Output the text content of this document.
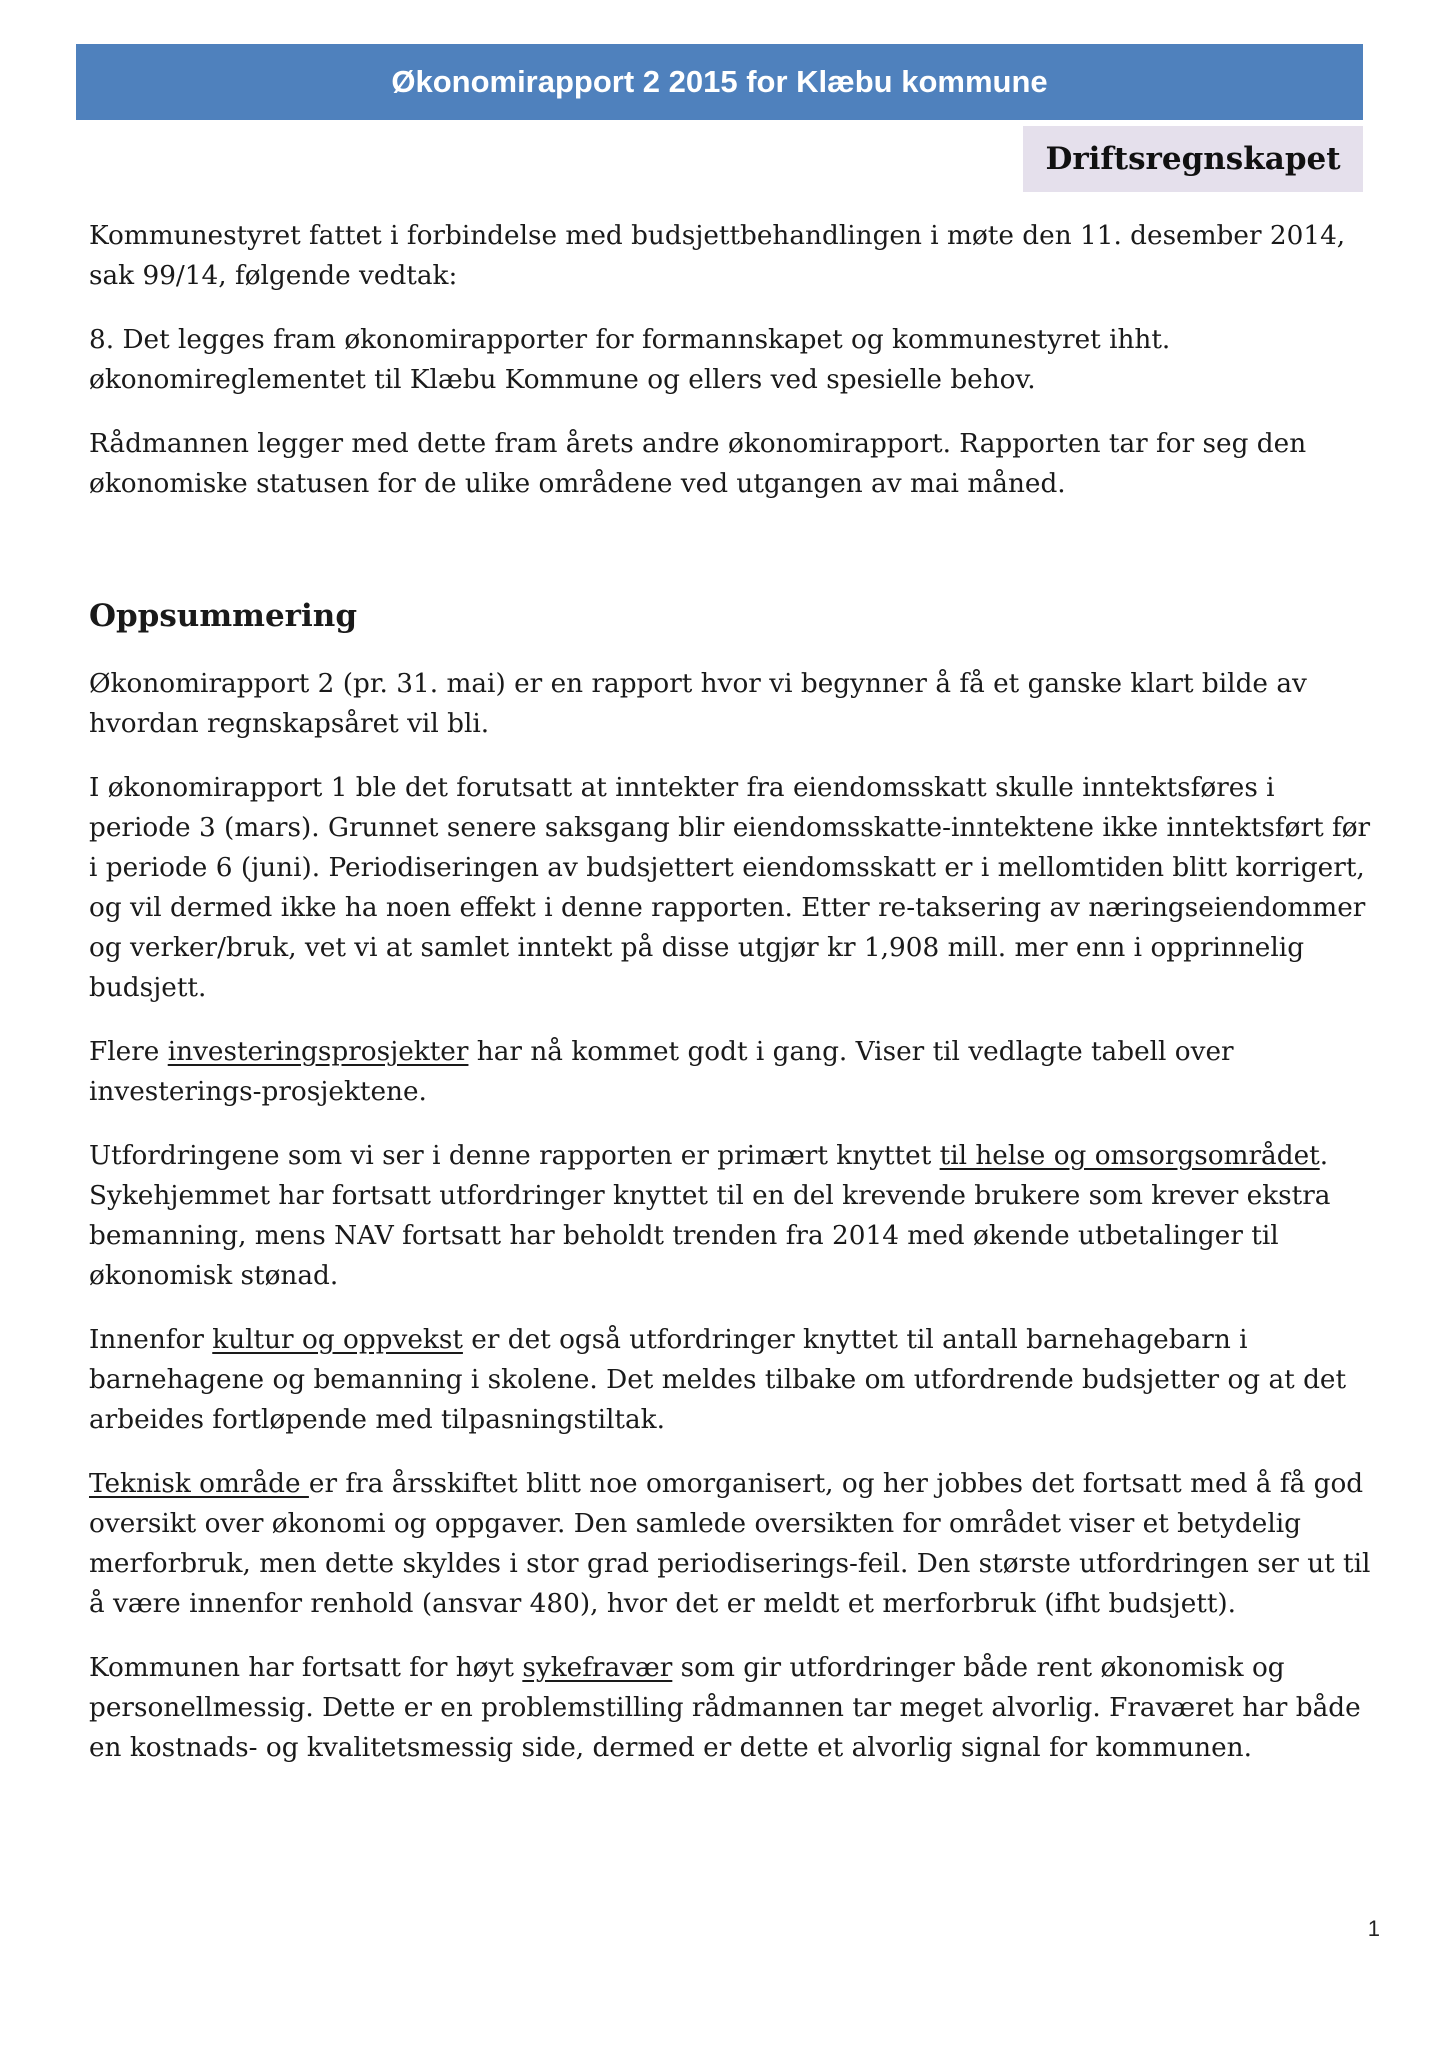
Økonomirapport 2 2015 for Klæbu kommune
Driftsregnskapet

Kommunestyret fattet i forbindelse med budsjettbehandlingen i møte den 11. desember 2014, sak 99/14, følgende vedtak:

8. Det legges fram økonomirapporter for formannskapet og kommunestyret ihht. økonomireglementet til Klæbu Kommune og ellers ved spesielle behov.

Rådmannen legger med dette fram årets andre økonomirapport. Rapporten tar for seg den økonomiske statusen for de ulike områdene ved utgangen av mai måned.

Oppsummering

Økonomirapport 2 (pr. 31. mai) er en rapport hvor vi begynner å få et ganske klart bilde av hvordan regnskapsåret vil bli.

I økonomirapport 1 ble det forutsatt at inntekter fra eiendomsskatt skulle inntektsføres i periode 3 (mars). Grunnet senere saksgang blir eiendomsskatte-inntektene ikke inntektsført før i periode 6 (juni). Periodiseringen av budsjettert eiendomsskatt er i mellomtiden blitt korrigert, og vil dermed ikke ha noen effekt i denne rapporten. Etter re-taksering av næringseiendommer og verker/bruk, vet vi at samlet inntekt på disse utgjør kr 1,908 mill. mer enn i opprinnelig budsjett.

Flere investeringsprosjekter har nå kommet godt i gang. Viser til vedlagte tabell over investerings-prosjektene.

Utfordringene som vi ser i denne rapporten er primært knyttet til helse og omsorgsområdet. Sykehjemmet har fortsatt utfordringer knyttet til en del krevende brukere som krever ekstra bemanning, mens NAV fortsatt har beholdt trenden fra 2014 med økende utbetalinger til økonomisk stønad.

Innenfor kultur og oppvekst er det også utfordringer knyttet til antall barnehagebarn i barnehagene og bemanning i skolene. Det meldes tilbake om utfordrende budsjetter og at det arbeides fortløpende med tilpasningstiltak.

Teknisk område er fra årsskiftet blitt noe omorganisert, og her jobbes det fortsatt med å få god oversikt over økonomi og oppgaver. Den samlede oversikten for området viser et betydelig merforbruk, men dette skyldes i stor grad periodiserings-feil. Den største utfordringen ser ut til å være innenfor renhold (ansvar 480), hvor det er meldt et merforbruk (ifht budsjett).

Kommunen har fortsatt for høyt sykefravær som gir utfordringer både rent økonomisk og personellmessig. Dette er en problemstilling rådmannen tar meget alvorlig. Fraværet har både en kostnads- og kvalitetsmessig side, dermed er dette et alvorlig signal for kommunen.

1
